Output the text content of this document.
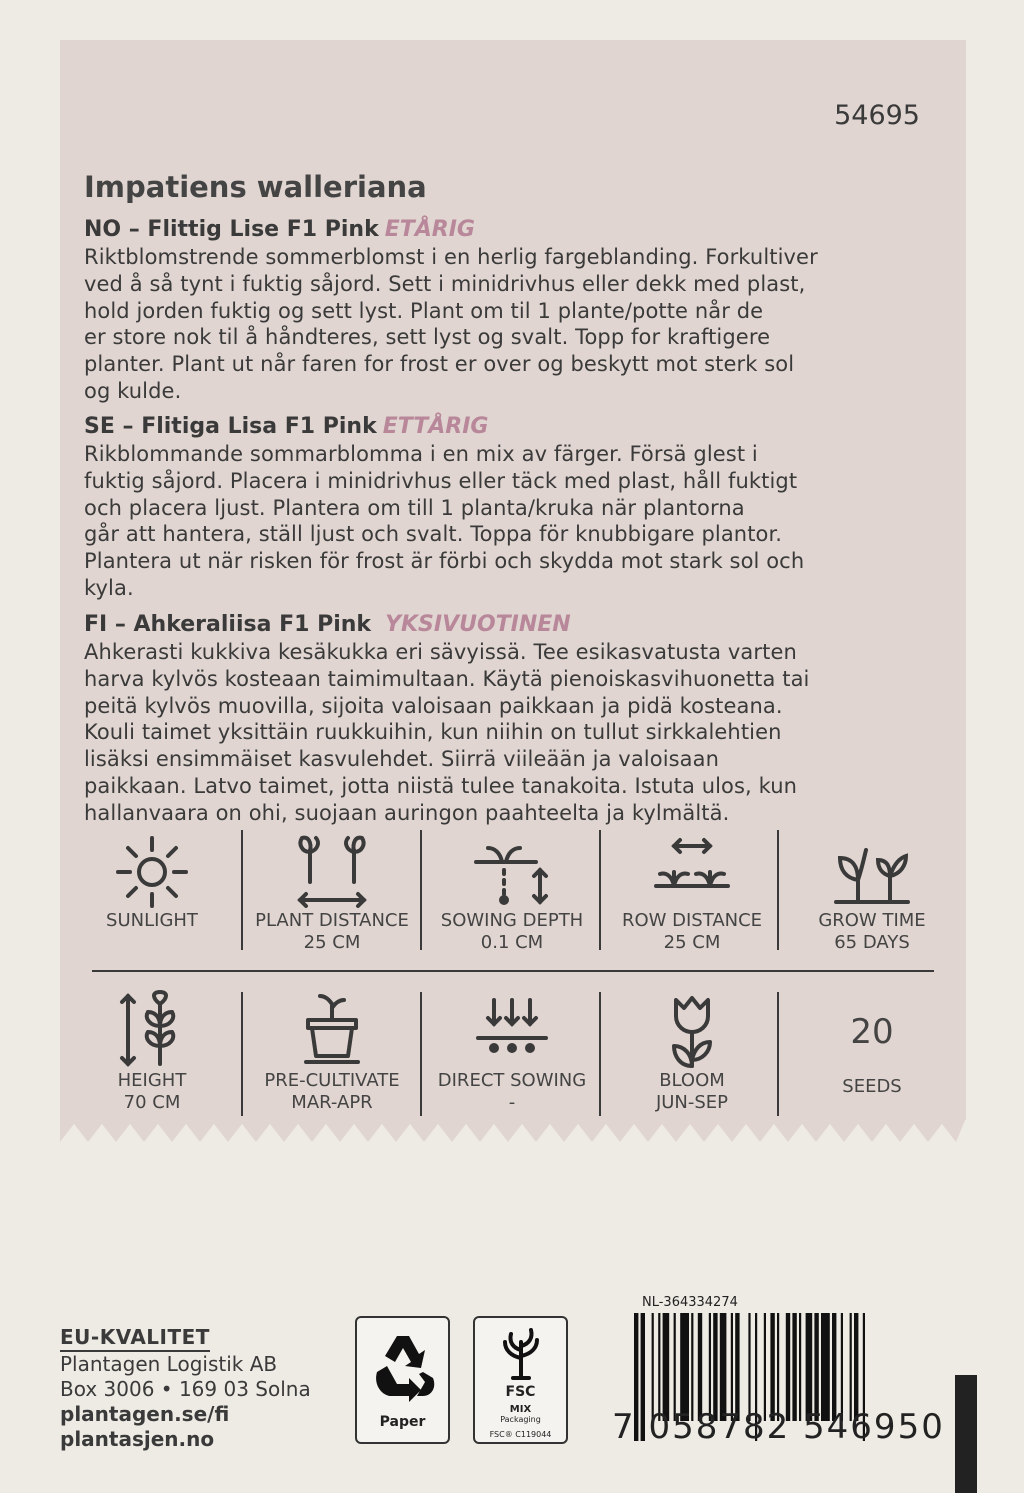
54695
Impatiens walleriana
NO – Flittig Lise F1 Pink ETÅRIG
Riktblomstrende sommerblomst i en herlig fargeblanding. Forkultiver
ved å så tynt i fuktig såjord. Sett i minidrivhus eller dekk med plast,
hold jorden fuktig og sett lyst. Plant om til 1 plante/potte når de
er store nok til å håndteres, sett lyst og svalt. Topp for kraftigere
planter. Plant ut når faren for frost er over og beskytt mot sterk sol
og kulde.
SE – Flitiga Lisa F1 Pink ETTÅRIG
Rikblommande sommarblomma i en mix av färger. Försä glest i
fuktig såjord. Placera i minidrivhus eller täck med plast, håll fuktigt
och placera ljust. Plantera om till 1 planta/kruka när plantorna
går att hantera, ställ ljust och svalt. Toppa för knubbigare plantor.
Plantera ut när risken för frost är förbi och skydda mot stark sol och
kyla.
FI – Ahkeraliisa F1 Pink YKSIVUOTINEN
Ahkerasti kukkiva kesäkukka eri sävyissä. Tee esikasvatusta varten
harva kylvös kosteaan taimimultaan. Käytä pienoiskasvihuonetta tai
peitä kylvös muovilla, sijoita valoisaan paikkaan ja pidä kosteana.
Kouli taimet yksittäin ruukkuihin, kun niihin on tullut sirkkalehtien
lisäksi ensimmäiset kasvulehdet. Siirrä viileään ja valoisaan
paikkaan. Latvo taimet, jotta niistä tulee tanakoita. Istuta ulos, kun
hallanvaara on ohi, suojaan auringon paahteelta ja kylmältä.
SUNLIGHT	PLANT DISTANCE
25 CM
SOWING DEPTH
0.1 CM
ROW DISTANCE
25 CM
GROW TIME
65 DAYS
HEIGHT
70 CM
PRE-CULTIVATE
MAR-APR
DIRECT SOWING
-
BLOOM
JUN-SEP
20
SEEDS
EU-KVALITET
Plantagen Logistik AB
Box 3006 • 169 03 Solna
plantagen.se/fi
plantasjen.no
Paper
FSC
MIX
Packaging
FSC® C119044
NL-364334274
7 058782 546950
